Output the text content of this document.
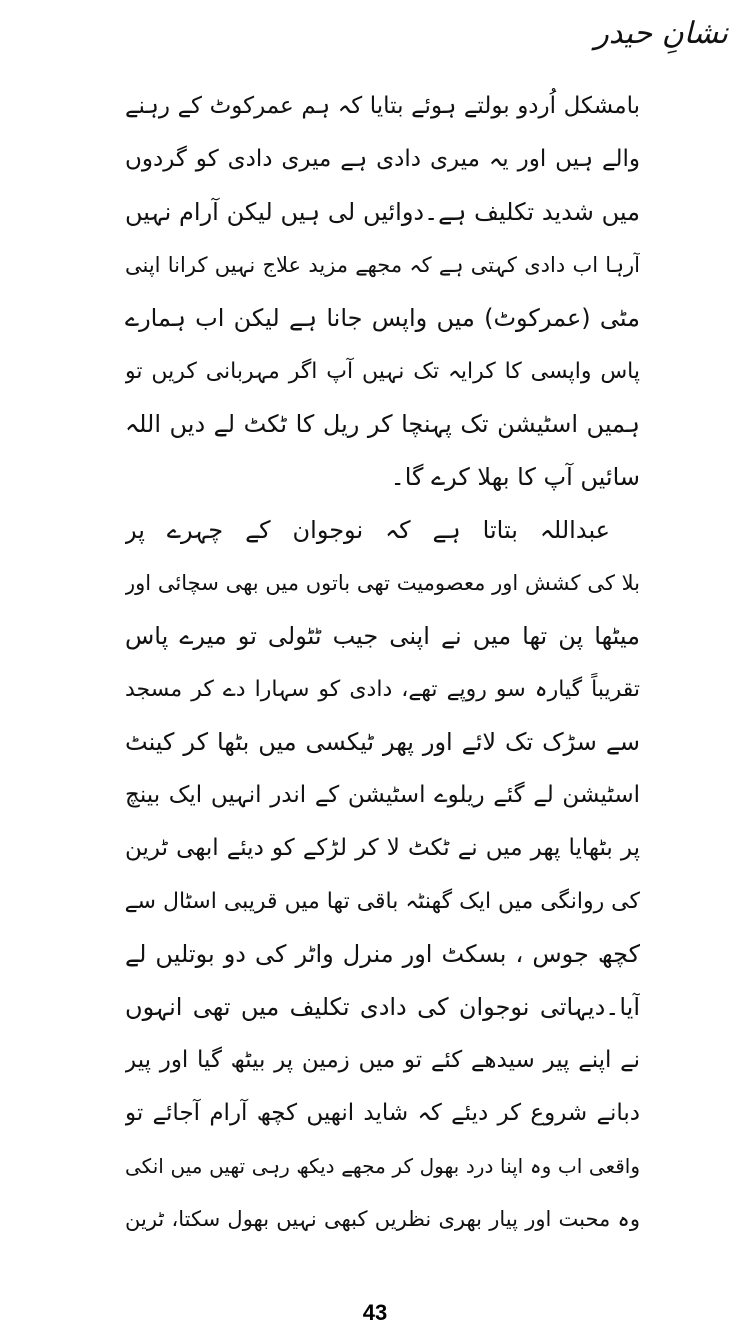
نشانِ حیدر
بامشکل اُردو بولتے ہوئے بتایا کہ ہم عمرکوٹ کے رہنے
والے ہیں اور یہ میری دادی ہے میری دادی کو گردوں
میں شدید تکلیف ہے۔دوائیں لی ہیں لیکن آرام نہیں
آرہا اب دادی کہتی ہے کہ مجھے مزید علاج نہیں کرانا اپنی
مٹی (عمرکوٹ) میں واپس جانا ہے لیکن اب ہمارے
پاس واپسی کا کرایہ تک نہیں آپ اگر مہربانی کریں تو
ہمیں اسٹیشن تک پہنچا کر ریل کا ٹکٹ لے دیں اللہ
سائیں آپ کا بھلا کرے گا۔
عبداللہ بتاتا ہے کہ نوجوان کے چہرے پر
بلا کی کشش اور معصومیت تھی باتوں میں بھی سچائی اور
میٹھا پن تھا میں نے اپنی جیب ٹٹولی تو میرے پاس
تقریباً گیارہ سو روپے تھے، دادی کو سہارا دے کر مسجد
سے سڑک تک لائے اور پھر ٹیکسی میں بٹھا کر کینٹ
اسٹیشن لے گئے ریلوے اسٹیشن کے اندر انہیں ایک بینچ
پر بٹھایا پھر میں نے ٹکٹ لا کر لڑکے کو دیئے ابھی ٹرین
کی روانگی میں ایک گھنٹہ باقی تھا میں قریبی اسٹال سے
کچھ جوس ، بسکٹ اور منرل واٹر کی دو بوتلیں لے
آیا۔دیہاتی نوجوان کی دادی تکلیف میں تھی انہوں
نے اپنے پیر سیدھے کئے تو میں زمین پر بیٹھ گیا اور پیر
دبانے شروع کر دیئے کہ شاید انھیں کچھ آرام آجائے تو
واقعی اب وہ اپنا درد بھول کر مجھے دیکھ رہی تھیں میں انکی
وہ محبت اور پیار بھری نظریں کبھی نہیں بھول سکتا، ٹرین
43
